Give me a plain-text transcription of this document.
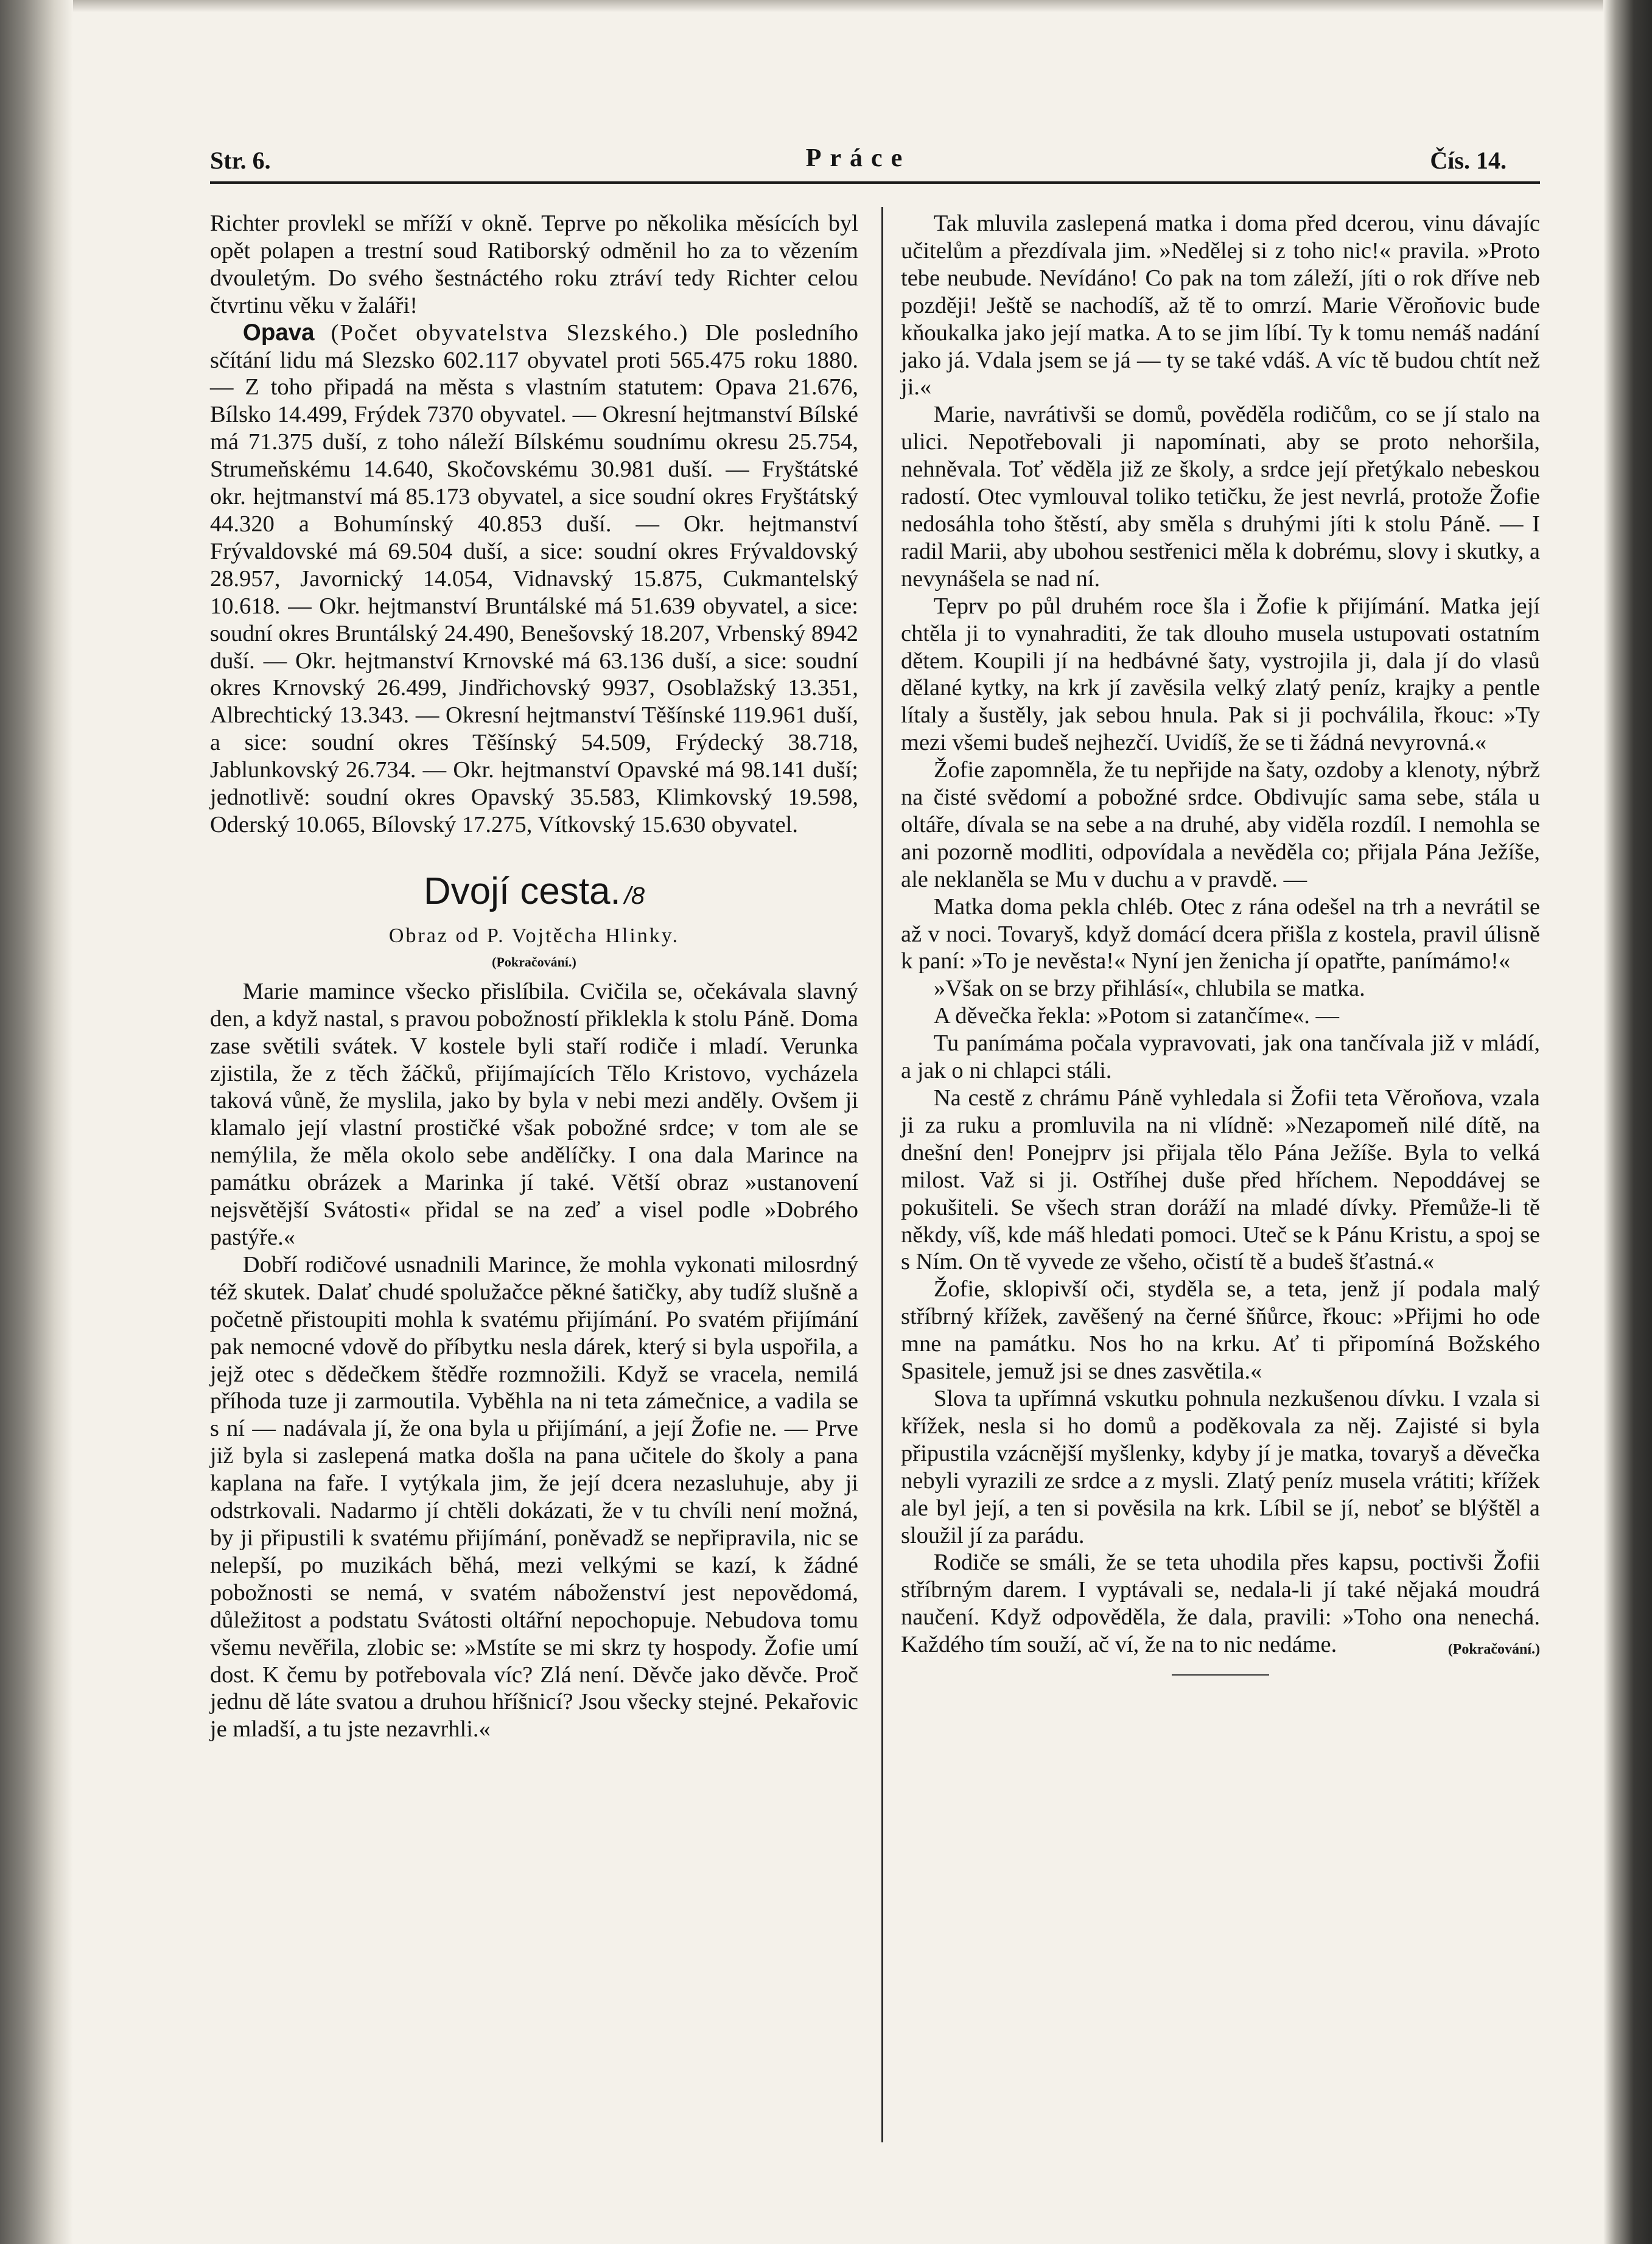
Str. 6.	Práce	Čís. 14.

Richter provlekl se mříží v okně. Teprve po několika měsících byl opět polapen a trestní soud Ratiborský odměnil ho za to vězením dvouletým. Do svého šestnáctého roku ztráví tedy Richter celou čtvrtinu věku v žaláři!

Opava (Počet obyvatelstva Slezského.) Dle posledního sčítání lidu má Slezsko 602.117 obyvatel proti 565.475 roku 1880. — Z toho připadá na města s vlastním statutem: Opava 21.676, Bílsko 14.499, Frýdek 7370 obyvatel. — Okresní hejtmanství Bílské má 71.375 duší, z toho náleží Bílskému soudnímu okresu 25.754, Strumeňskému 14.640, Skočovskému 30.981 duší. — Fryštátské okr. hejtmanství má 85.173 obyvatel, a sice soudní okres Fryštátský 44.320 a Bohumínský 40.853 duší. — Okr. hejtmanství Frývaldovské má 69.504 duší, a sice: soudní okres Frývaldovský 28.957, Javornický 14.054, Vidnavský 15.875, Cukmantelský 10.618. — Okr. hejtmanství Bruntálské má 51.639 obyvatel, a sice: soudní okres Bruntálský 24.490, Benešovský 18.207, Vrbenský 8942 duší. — Okr. hejtmanství Krnovské má 63.136 duší, a sice: soudní okres Krnovský 26.499, Jindřichovský 9937, Osoblažský 13.351, Albrechtický 13.343. — Okresní hejtmanství Těšínské 119.961 duší, a sice: soudní okres Těšínský 54.509, Frýdecký 38.718, Jablunkovský 26.734. — Okr. hejtmanství Opavské má 98.141 duší; jednotlivě: soudní okres Opavský 35.583, Klimkovský 19.598, Oderský 10.065, Bílovský 17.275, Vítkovský 15.630 obyvatel.

Dvojí cesta. /8
Obraz od P. Vojtěcha Hlinky.
(Pokračování.)

Marie mamince všecko přislíbila. Cvičila se, očekávala slavný den, a když nastal, s pravou pobožností přiklekla k stolu Páně. Doma zase světili svátek. V kostele byli staří rodiče i mladí. Verunka zjistila, že z těch žáčků, přijímajících Tělo Kristovo, vycházela taková vůně, že myslila, jako by byla v nebi mezi anděly. Ovšem ji klamalo její vlastní prostičké však pobožné srdce; v tom ale se nemýlila, že měla okolo sebe andělíčky. I ona dala Marince na památku obrázek a Marinka jí také. Větší obraz »ustanovení nejsvětější Svátosti« přidal se na zeď a visel podle »Dobrého pastýře.«

Dobří rodičové usnadnili Marince, že mohla vykonati milosrdný též skutek. Dalať chudé spolužačce pěkné šatičky, aby tudíž slušně a početně přistoupiti mohla k svatému přijímání. Po svatém přijímání pak nemocné vdově do příbytku nesla dárek, který si byla uspořila, a jejž otec s dědečkem štědře rozmnožili. Když se vracela, nemilá příhoda tuze ji zarmoutila. Vyběhla na ni teta zámečnice, a vadila se s ní — nadávala jí, že ona byla u přijímání, a její Žofie ne. — Prve již byla si zaslepená matka došla na pana učitele do školy a pana kaplana na faře. I vytýkala jim, že její dcera nezasluhuje, aby ji odstrkovali. Nadarmo jí chtěli dokázati, že v tu chvíli není možná, by ji připustili k svatému přijímání, poněvadž se nepřipravila, nic se nelepší, po muzikách běhá, mezi velkými se kazí, k žádné pobožnosti se nemá, v svatém náboženství jest nepovědomá, důležitost a podstatu Svátosti oltářní nepochopuje. Nebudova tomu všemu nevěřila, zlobic se: »Mstíte se mi skrz ty hospody. Žofie umí dost. K čemu by potřebovala víc? Zlá není. Děvče jako děvče. Proč jednu dě láte svatou a druhou hříšnicí? Jsou všecky stejné. Pekařovic je mladší, a tu jste nezavrhli.«

Tak mluvila zaslepená matka i doma před dcerou, vinu dávajíc učitelům a přezdívala jim. »Nedělej si z toho nic!« pravila. »Proto tebe neubude. Nevídáno! Co pak na tom záleží, jíti o rok dříve neb později! Ještě se nachodíš, až tě to omrzí. Marie Věroňovic bude kňoukalka jako její matka. A to se jim líbí. Ty k tomu nemáš nadání jako já. Vdala jsem se já — ty se také vdáš. A víc tě budou chtít než ji.«

Marie, navrátivši se domů, pověděla rodičům, co se jí stalo na ulici. Nepotřebovali ji napomínati, aby se proto nehoršila, nehněvala. Toť věděla již ze školy, a srdce její přetýkalo nebeskou radostí. Otec vymlouval toliko tetičku, že jest nevrlá, protože Žofie nedosáhla toho štěstí, aby směla s druhými jíti k stolu Páně. — I radil Marii, aby ubohou sestřenici měla k dobrému, slovy i skutky, a nevynášela se nad ní.

Teprv po půl druhém roce šla i Žofie k přijímání. Matka její chtěla ji to vynahraditi, že tak dlouho musela ustupovati ostatním dětem. Koupili jí na hedbávné šaty, vystrojila ji, dala jí do vlasů dělané kytky, na krk jí zavěsila velký zlatý peníz, krajky a pentle lítaly a šustěly, jak sebou hnula. Pak si ji pochválila, řkouc: »Ty mezi všemi budeš nejhezčí. Uvidíš, že se ti žádná nevyrovná.«

Žofie zapomněla, že tu nepřijde na šaty, ozdoby a klenoty, nýbrž na čisté svědomí a pobožné srdce. Obdivujíc sama sebe, stála u oltáře, dívala se na sebe a na druhé, aby viděla rozdíl. I nemohla se ani pozorně modliti, odpovídala a nevěděla co; přijala Pána Ježíše, ale neklaněla se Mu v duchu a v pravdě. —

Matka doma pekla chléb. Otec z rána odešel na trh a nevrátil se až v noci. Tovaryš, když domácí dcera přišla z kostela, pravil úlisně k paní: »To je nevěsta!« Nyní jen ženicha jí opatřte, panímámo!«

»Však on se brzy přihlásí«, chlubila se matka.

A děvečka řekla: »Potom si zatančíme«. —

Tu panímáma počala vypravovati, jak ona tančívala již v mládí, a jak o ni chlapci stáli.

Na cestě z chrámu Páně vyhledala si Žofii teta Věroňova, vzala ji za ruku a promluvila na ni vlídně: »Nezapomeň nilé dítě, na dnešní den! Ponejprv jsi přijala tělo Pána Ježíše. Byla to velká milost. Važ si ji. Ostříhej duše před hříchem. Nepoddávej se pokušiteli. Se všech stran doráží na mladé dívky. Přemůže-li tě někdy, víš, kde máš hledati pomoci. Uteč se k Pánu Kristu, a spoj se s Ním. On tě vyvede ze všeho, očistí tě a budeš šťastná.«

Žofie, sklopivší oči, styděla se, a teta, jenž jí podala malý stříbrný křížek, zavěšený na černé šňůrce, řkouc: »Přijmi ho ode mne na památku. Nos ho na krku. Ať ti připomíná Božského Spasitele, jemuž jsi se dnes zasvětila.«

Slova ta upřímná vskutku pohnula nezkušenou dívku. I vzala si křížek, nesla si ho domů a poděkovala za něj. Zajisté si byla připustila vzácnější myšlenky, kdyby jí je matka, tovaryš a děvečka nebyli vyrazili ze srdce a z mysli. Zlatý peníz musela vrátiti; křížek ale byl její, a ten si pověsila na krk. Líbil se jí, neboť se blýštěl a sloužil jí za parádu.

Rodiče se smáli, že se teta uhodila přes kapsu, poctivši Žofii stříbrným darem. I vyptávali se, nedala-li jí také nějaká moudrá naučení. Když odpověděla, že dala, pravili: »Toho ona nenechá. Každého tím souží, ač ví, že na to nic nedáme.	(Pokračování.)
